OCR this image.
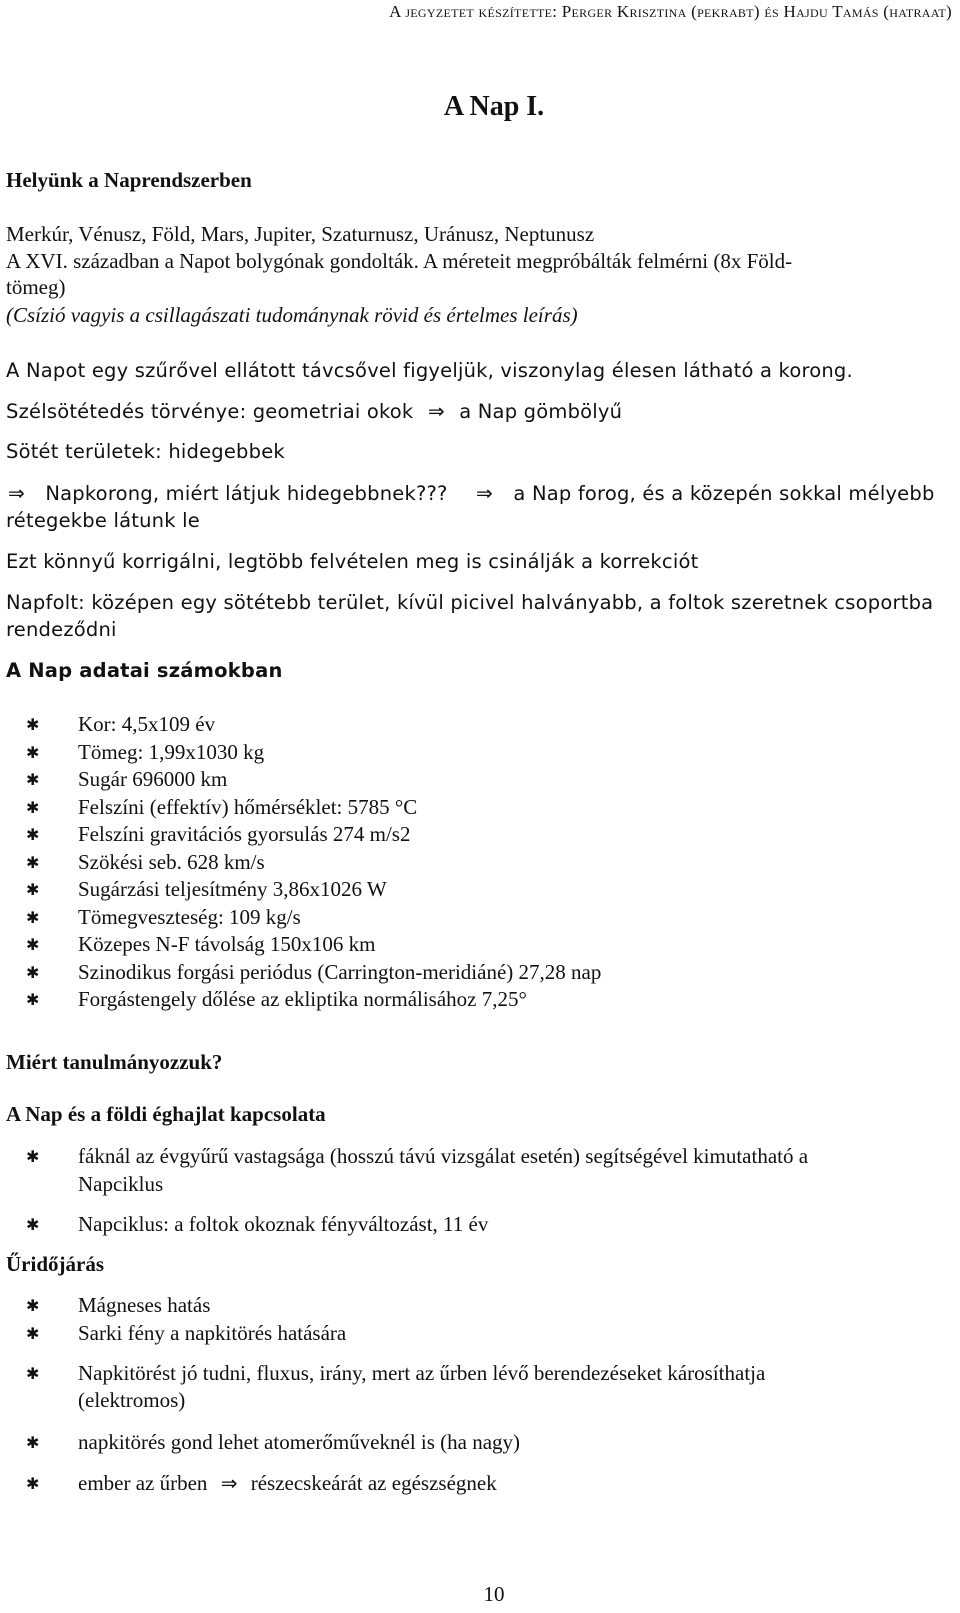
A jegyzetet készítette: Perger Krisztina (pekrabt) és Hajdu Tamás (hatraat)
A Nap I.
Helyünk a Naprendszerben
Merkúr, Vénusz, Föld, Mars, Jupiter, Szaturnusz, Uránusz, Neptunusz
A XVI. században a Napot bolygónak gondolták. A méreteit megpróbálták felmérni (8x Föld-
tömeg)
(Csízió vagyis a csillagászati tudománynak rövid és értelmes leírás)
A Napot egy szűrővel ellátott távcsővel figyeljük, viszonylag élesen látható a korong.
Szélsötétedés törvénye: geometriai okok ⇒ a Nap gömbölyű
Sötét területek: hidegebbek
⇒ Napkorong, miért látjuk hidegebbnek??? ⇒ a Nap forog, és a közepén sokkal mélyebb
rétegekbe látunk le
Ezt könnyű korrigálni, legtöbb felvételen meg is csinálják a korrekciót
Napfolt: középen egy sötétebb terület, kívül picivel halványabb, a foltok szeretnek csoportba
rendeződni
A Nap adatai számokban
✱ Kor: 4,5x109 év
✱ Tömeg: 1,99x1030 kg
✱ Sugár 696000 km
✱ Felszíni (effektív) hőmérséklet: 5785 °C
✱ Felszíni gravitációs gyorsulás 274 m/s2
✱ Szökési seb. 628 km/s
✱ Sugárzási teljesítmény 3,86x1026 W
✱ Tömegveszteség: 109 kg/s
✱ Közepes N-F távolság 150x106 km
✱ Szinodikus forgási periódus (Carrington-meridiáné) 27,28 nap
✱ Forgástengely dőlése az ekliptika normálisához 7,25°
Miért tanulmányozzuk?
A Nap és a földi éghajlat kapcsolata
✱ fáknál az évgyűrű vastagsága (hosszú távú vizsgálat esetén) segítségével kimutatható a
Napciklus
✱ Napciklus: a foltok okoznak fényváltozást, 11 év
Űridőjárás
✱ Mágneses hatás
✱ Sarki fény a napkitörés hatására
✱ Napkitörést jó tudni, fluxus, irány, mert az űrben lévő berendezéseket károsíthatja
(elektromos)
✱ napkitörés gond lehet atomerőműveknél is (ha nagy)
✱ ember az űrben ⇒ részecskeárát az egészségnek
10
